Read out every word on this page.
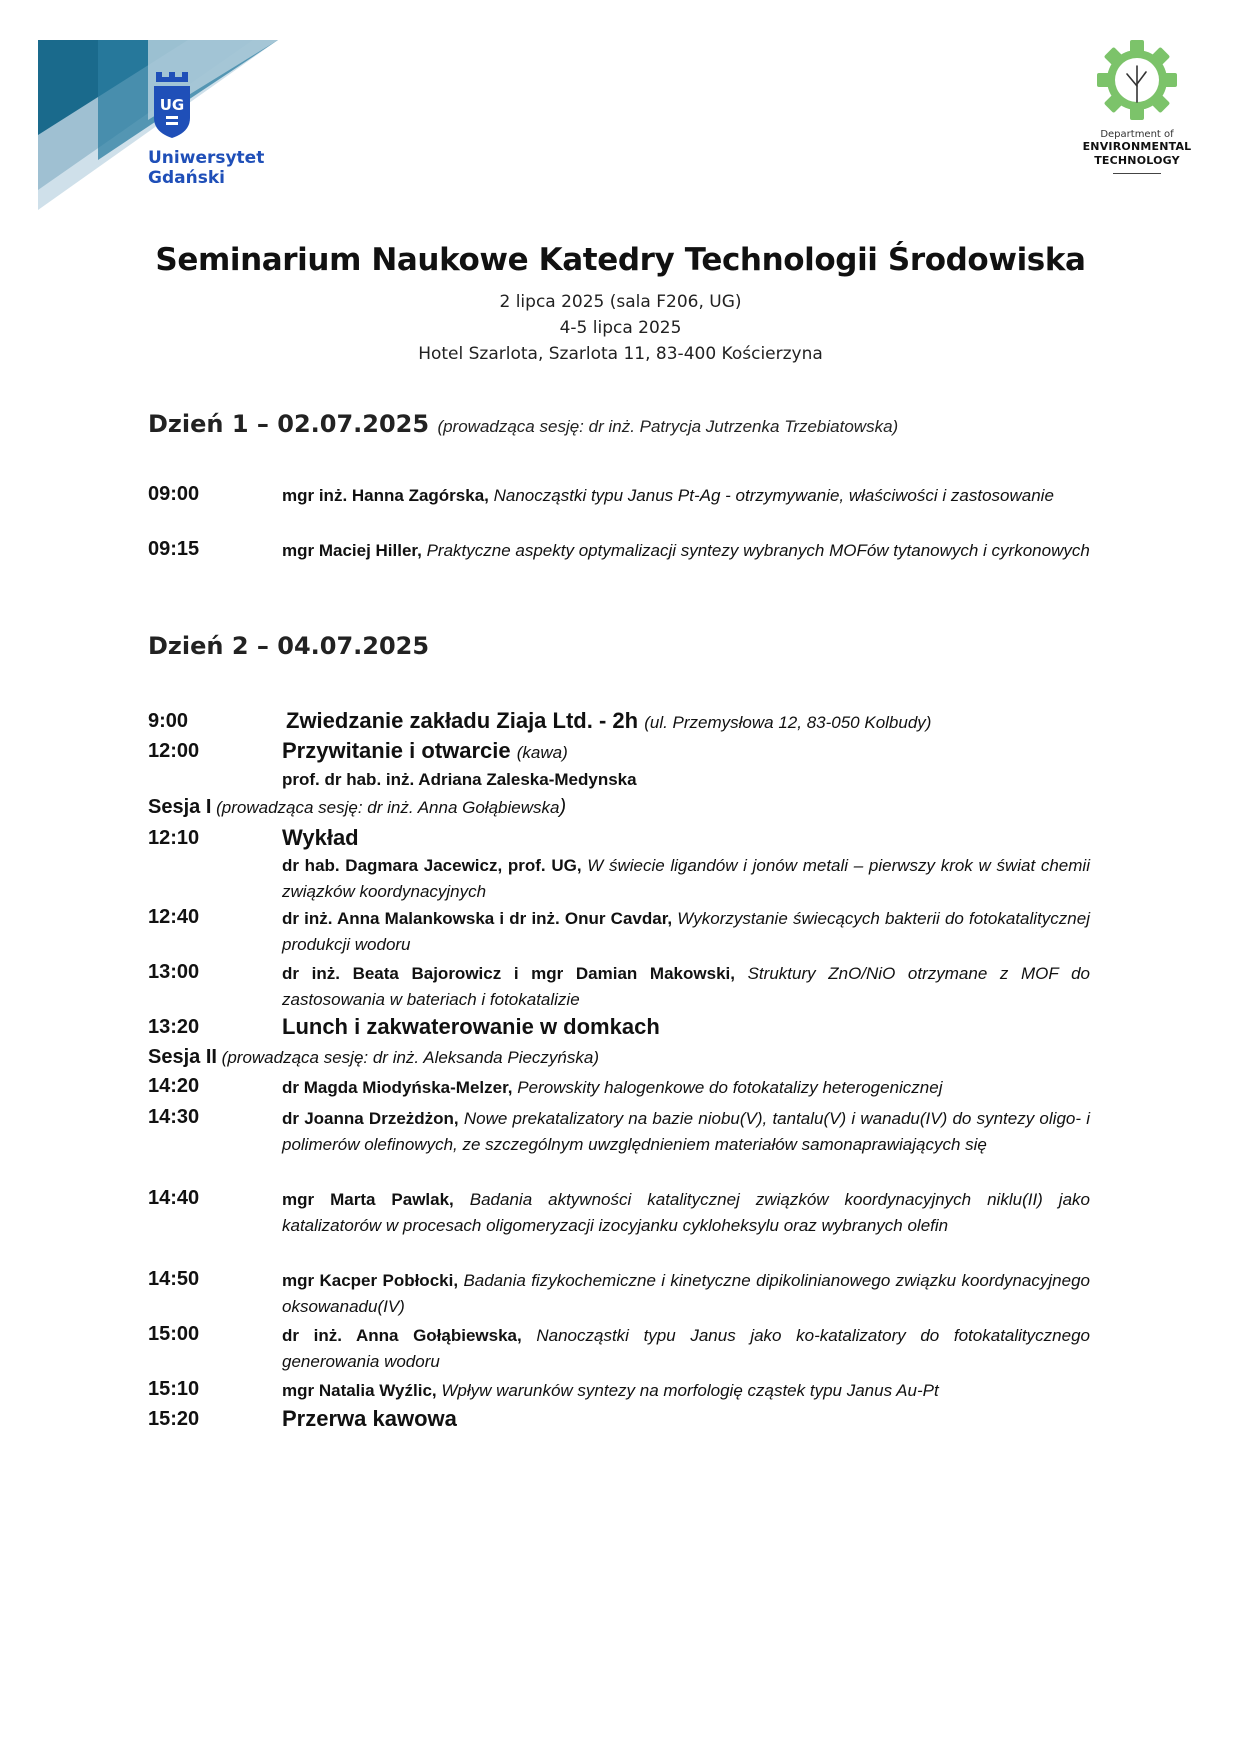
UG
Uniwersytet
Gdański
Department of
ENVIRONMENTAL
TECHNOLOGY
Seminarium Naukowe Katedry Technologii Środowiska
2 lipca 2025 (sala F206, UG)
4-5 lipca 2025
Hotel Szarlota, Szarlota 11, 83-400 Kościerzyna
Dzień 1 – 02.07.2025 (prowadząca sesję: dr inż. Patrycja Jutrzenka Trzebiatowska)
09:00	mgr inż. Hanna Zagórska, Nanocząstki typu Janus Pt-Ag - otrzymywanie, właściwości i zastosowanie
09:15	mgr Maciej Hiller, Praktyczne aspekty optymalizacji syntezy wybranych MOFów tytanowych i cyrkonowych
Dzień 2 – 04.07.2025
9:00	Zwiedzanie zakładu Ziaja Ltd. - 2h (ul. Przemysłowa 12, 83-050 Kolbudy)
12:00	Przywitanie i otwarcie (kawa)
prof. dr hab. inż. Adriana Zaleska-Medynska
Sesja I (prowadząca sesję: dr inż. Anna Gołąbiewska)
12:10	Wykład
dr hab. Dagmara Jacewicz, prof. UG, W świecie ligandów i jonów metali – pierwszy krok w świat chemii związków koordynacyjnych
12:40	dr inż. Anna Malankowska i dr inż. Onur Cavdar, Wykorzystanie świecących bakterii do fotokatalitycznej produkcji wodoru
13:00	dr inż. Beata Bajorowicz i mgr Damian Makowski, Struktury ZnO/NiO otrzymane z MOF do zastosowania w bateriach i fotokatalizie
13:20	Lunch i zakwaterowanie w domkach
Sesja II (prowadząca sesję: dr inż. Aleksanda Pieczyńska)
14:20	dr Magda Miodyńska-Melzer, Perowskity halogenkowe do fotokatalizy heterogenicznej
14:30	dr Joanna Drzeżdżon, Nowe prekatalizatory na bazie niobu(V), tantalu(V) i wanadu(IV) do syntezy oligo- i polimerów olefinowych, ze szczególnym uwzględnieniem materiałów samonaprawiających się
14:40	mgr Marta Pawlak, Badania aktywności katalitycznej związków koordynacyjnych niklu(II) jako katalizatorów w procesach oligomeryzacji izocyjanku cykloheksylu oraz wybranych olefin
14:50	mgr Kacper Pobłocki, Badania fizykochemiczne i kinetyczne dipikolinianowego związku koordynacyjnego oksowanadu(IV)
15:00	dr inż. Anna Gołąbiewska, Nanocząstki typu Janus jako ko-katalizatory do fotokatalitycznego generowania wodoru
15:10	mgr Natalia Wyźlic, Wpływ warunków syntezy na morfologię cząstek typu Janus Au-Pt
15:20	Przerwa kawowa
